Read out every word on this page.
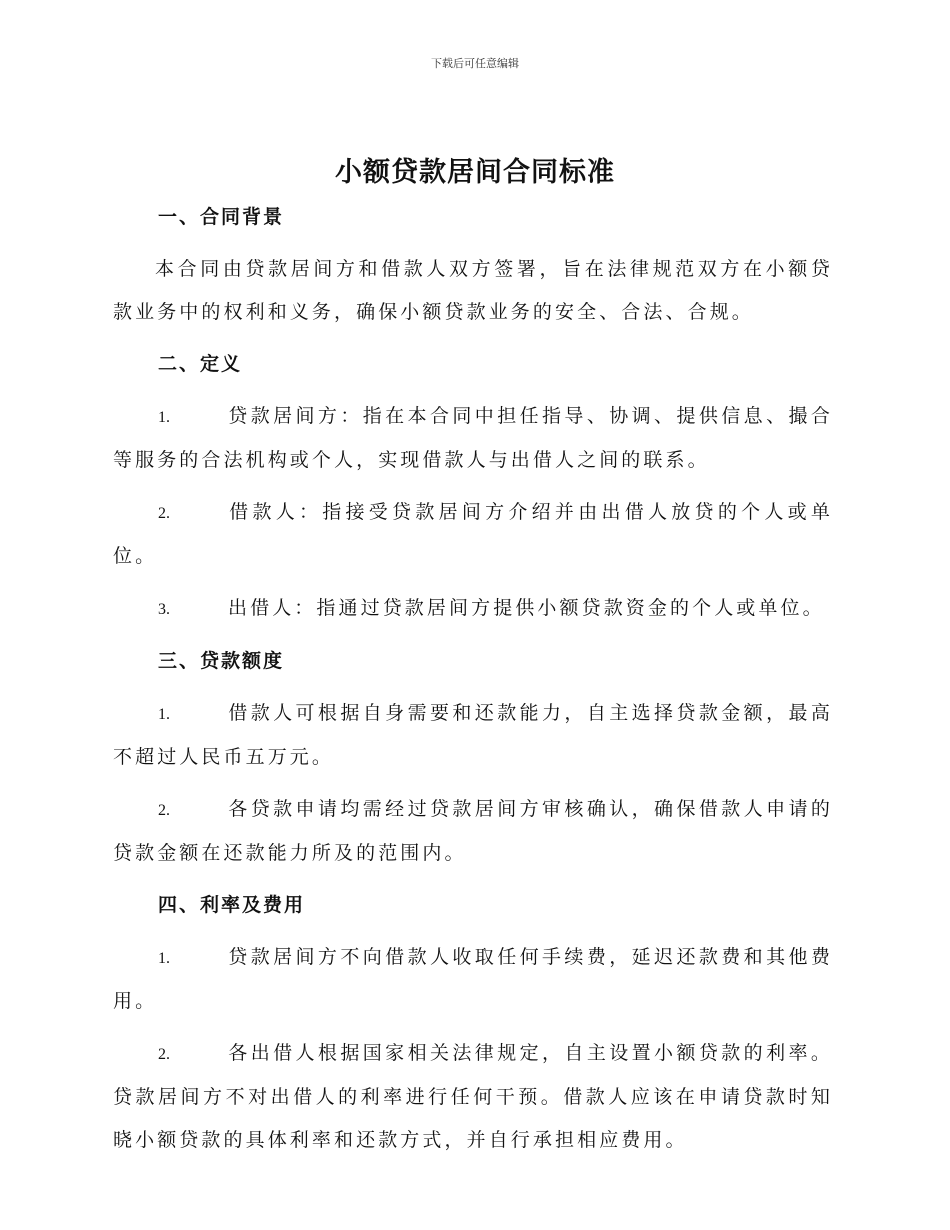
下载后可任意编辑
小额贷款居间合同标准
一、合同背景
本合同由贷款居间方和借款人双方签署，旨在法律规范双方在小额贷款业务中的权利和义务，确保小额贷款业务的安全、合法、合规。
二、定义
1.	贷款居间方：指在本合同中担任指导、协调、提供信息、撮合等服务的合法机构或个人，实现借款人与出借人之间的联系。
2.	借款人：指接受贷款居间方介绍并由出借人放贷的个人或单位。
3.	出借人：指通过贷款居间方提供小额贷款资金的个人或单位。
三、贷款额度
1.	借款人可根据自身需要和还款能力，自主选择贷款金额，最高不超过人民币五万元。
2.	各贷款申请均需经过贷款居间方审核确认，确保借款人申请的贷款金额在还款能力所及的范围内。
四、利率及费用
1.	贷款居间方不向借款人收取任何手续费，延迟还款费和其他费用。
2.	各出借人根据国家相关法律规定，自主设置小额贷款的利率。贷款居间方不对出借人的利率进行任何干预。借款人应该在申请贷款时知晓小额贷款的具体利率和还款方式，并自行承担相应费用。
